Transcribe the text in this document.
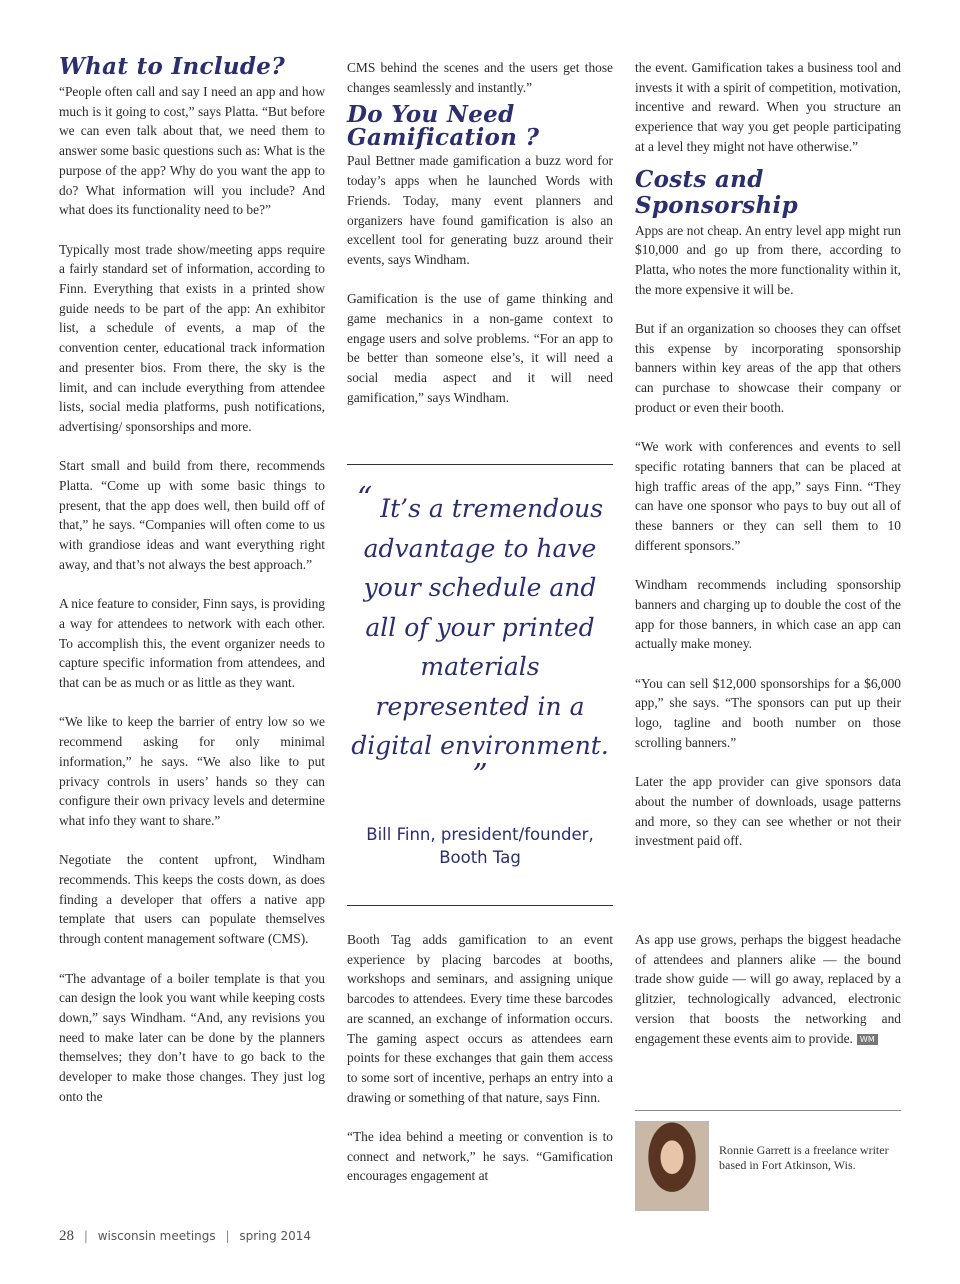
What to Include?

“People often call and say I need an app and how much is it going to cost,” says Platta. “But before we can even talk about that, we need them to answer some basic questions such as: What is the purpose of the app? Why do you want the app to do? What information will you include? And what does its functionality need to be?”

Typically most trade show/meeting apps require a fairly standard set of information, according to Finn. Everything that exists in a printed show guide needs to be part of the app: An exhibitor list, a schedule of events, a map of the convention center, educational track information and presenter bios. From there, the sky is the limit, and can include everything from attendee lists, social media platforms, push notifications, advertising/ sponsorships and more.

Start small and build from there, recommends Platta. “Come up with some basic things to present, that the app does well, then build off of that,” he says. “Companies will often come to us with grandiose ideas and want everything right away, and that’s not always the best approach.”

A nice feature to consider, Finn says, is providing a way for attendees to network with each other. To accomplish this, the event organizer needs to capture specific information from attendees, and that can be as much or as little as they want.

“We like to keep the barrier of entry low so we recommend asking for only minimal information,” he says. “We also like to put privacy controls in users’ hands so they can configure their own privacy levels and determine what info they want to share.”

Negotiate the content upfront, Windham recommends. This keeps the costs down, as does finding a developer that offers a native app template that users can populate themselves through content management software (CMS).

“The advantage of a boiler template is that you can design the look you want while keeping costs down,” says Windham. “And, any revisions you need to make later can be done by the planners themselves; they don’t have to go back to the developer to make those changes. They just log onto the

CMS behind the scenes and the users get those changes seamlessly and instantly.”

Do You Need Gamification ?

Paul Bettner made gamification a buzz word for today’s apps when he launched Words with Friends. Today, many event planners and organizers have found gamification is also an excellent tool for generating buzz around their events, says Windham.

Gamification is the use of game thinking and game mechanics in a non-game context to engage users and solve problems. “For an app to be better than someone else’s, it will need a social media aspect and it will need gamification,” says Windham.

“ It’s a tremendous advantage to have your schedule and all of your printed materials represented in a digital environment. ”
Bill Finn, president/founder,
Booth Tag

Booth Tag adds gamification to an event experience by placing barcodes at booths, workshops and seminars, and assigning unique barcodes to attendees. Every time these barcodes are scanned, an exchange of information occurs. The gaming aspect occurs as attendees earn points for these exchanges that gain them access to some sort of incentive, perhaps an entry into a drawing or something of that nature, says Finn.

“The idea behind a meeting or convention is to connect and network,” he says. “Gamification encourages engagement at

the event. Gamification takes a business tool and invests it with a spirit of competition, motivation, incentive and reward. When you structure an experience that way you get people participating at a level they might not have otherwise.”

Costs and Sponsorship

Apps are not cheap. An entry level app might run $10,000 and go up from there, according to Platta, who notes the more functionality within it, the more expensive it will be.

But if an organization so chooses they can offset this expense by incorporating sponsorship banners within key areas of the app that others can purchase to showcase their company or product or even their booth.

“We work with conferences and events to sell specific rotating banners that can be placed at high traffic areas of the app,” says Finn. “They can have one sponsor who pays to buy out all of these banners or they can sell them to 10 different sponsors.”

Windham recommends including sponsorship banners and charging up to double the cost of the app for those banners, in which case an app can actually make money.

“You can sell $12,000 sponsorships for a $6,000 app,” she says. “The sponsors can put up their logo, tagline and booth number on those scrolling banners.”

Later the app provider can give sponsors data about the number of downloads, usage patterns and more, so they can see whether or not their investment paid off.

As app use grows, perhaps the biggest headache of attendees and planners alike — the bound trade show guide — will go away, replaced by a glitzier, technologically advanced, electronic version that boosts the networking and engagement these events aim to provide. WM

Ronnie Garrett is a freelance writer based in Fort Atkinson, Wis.
28 | wisconsin meetings | spring 2014
